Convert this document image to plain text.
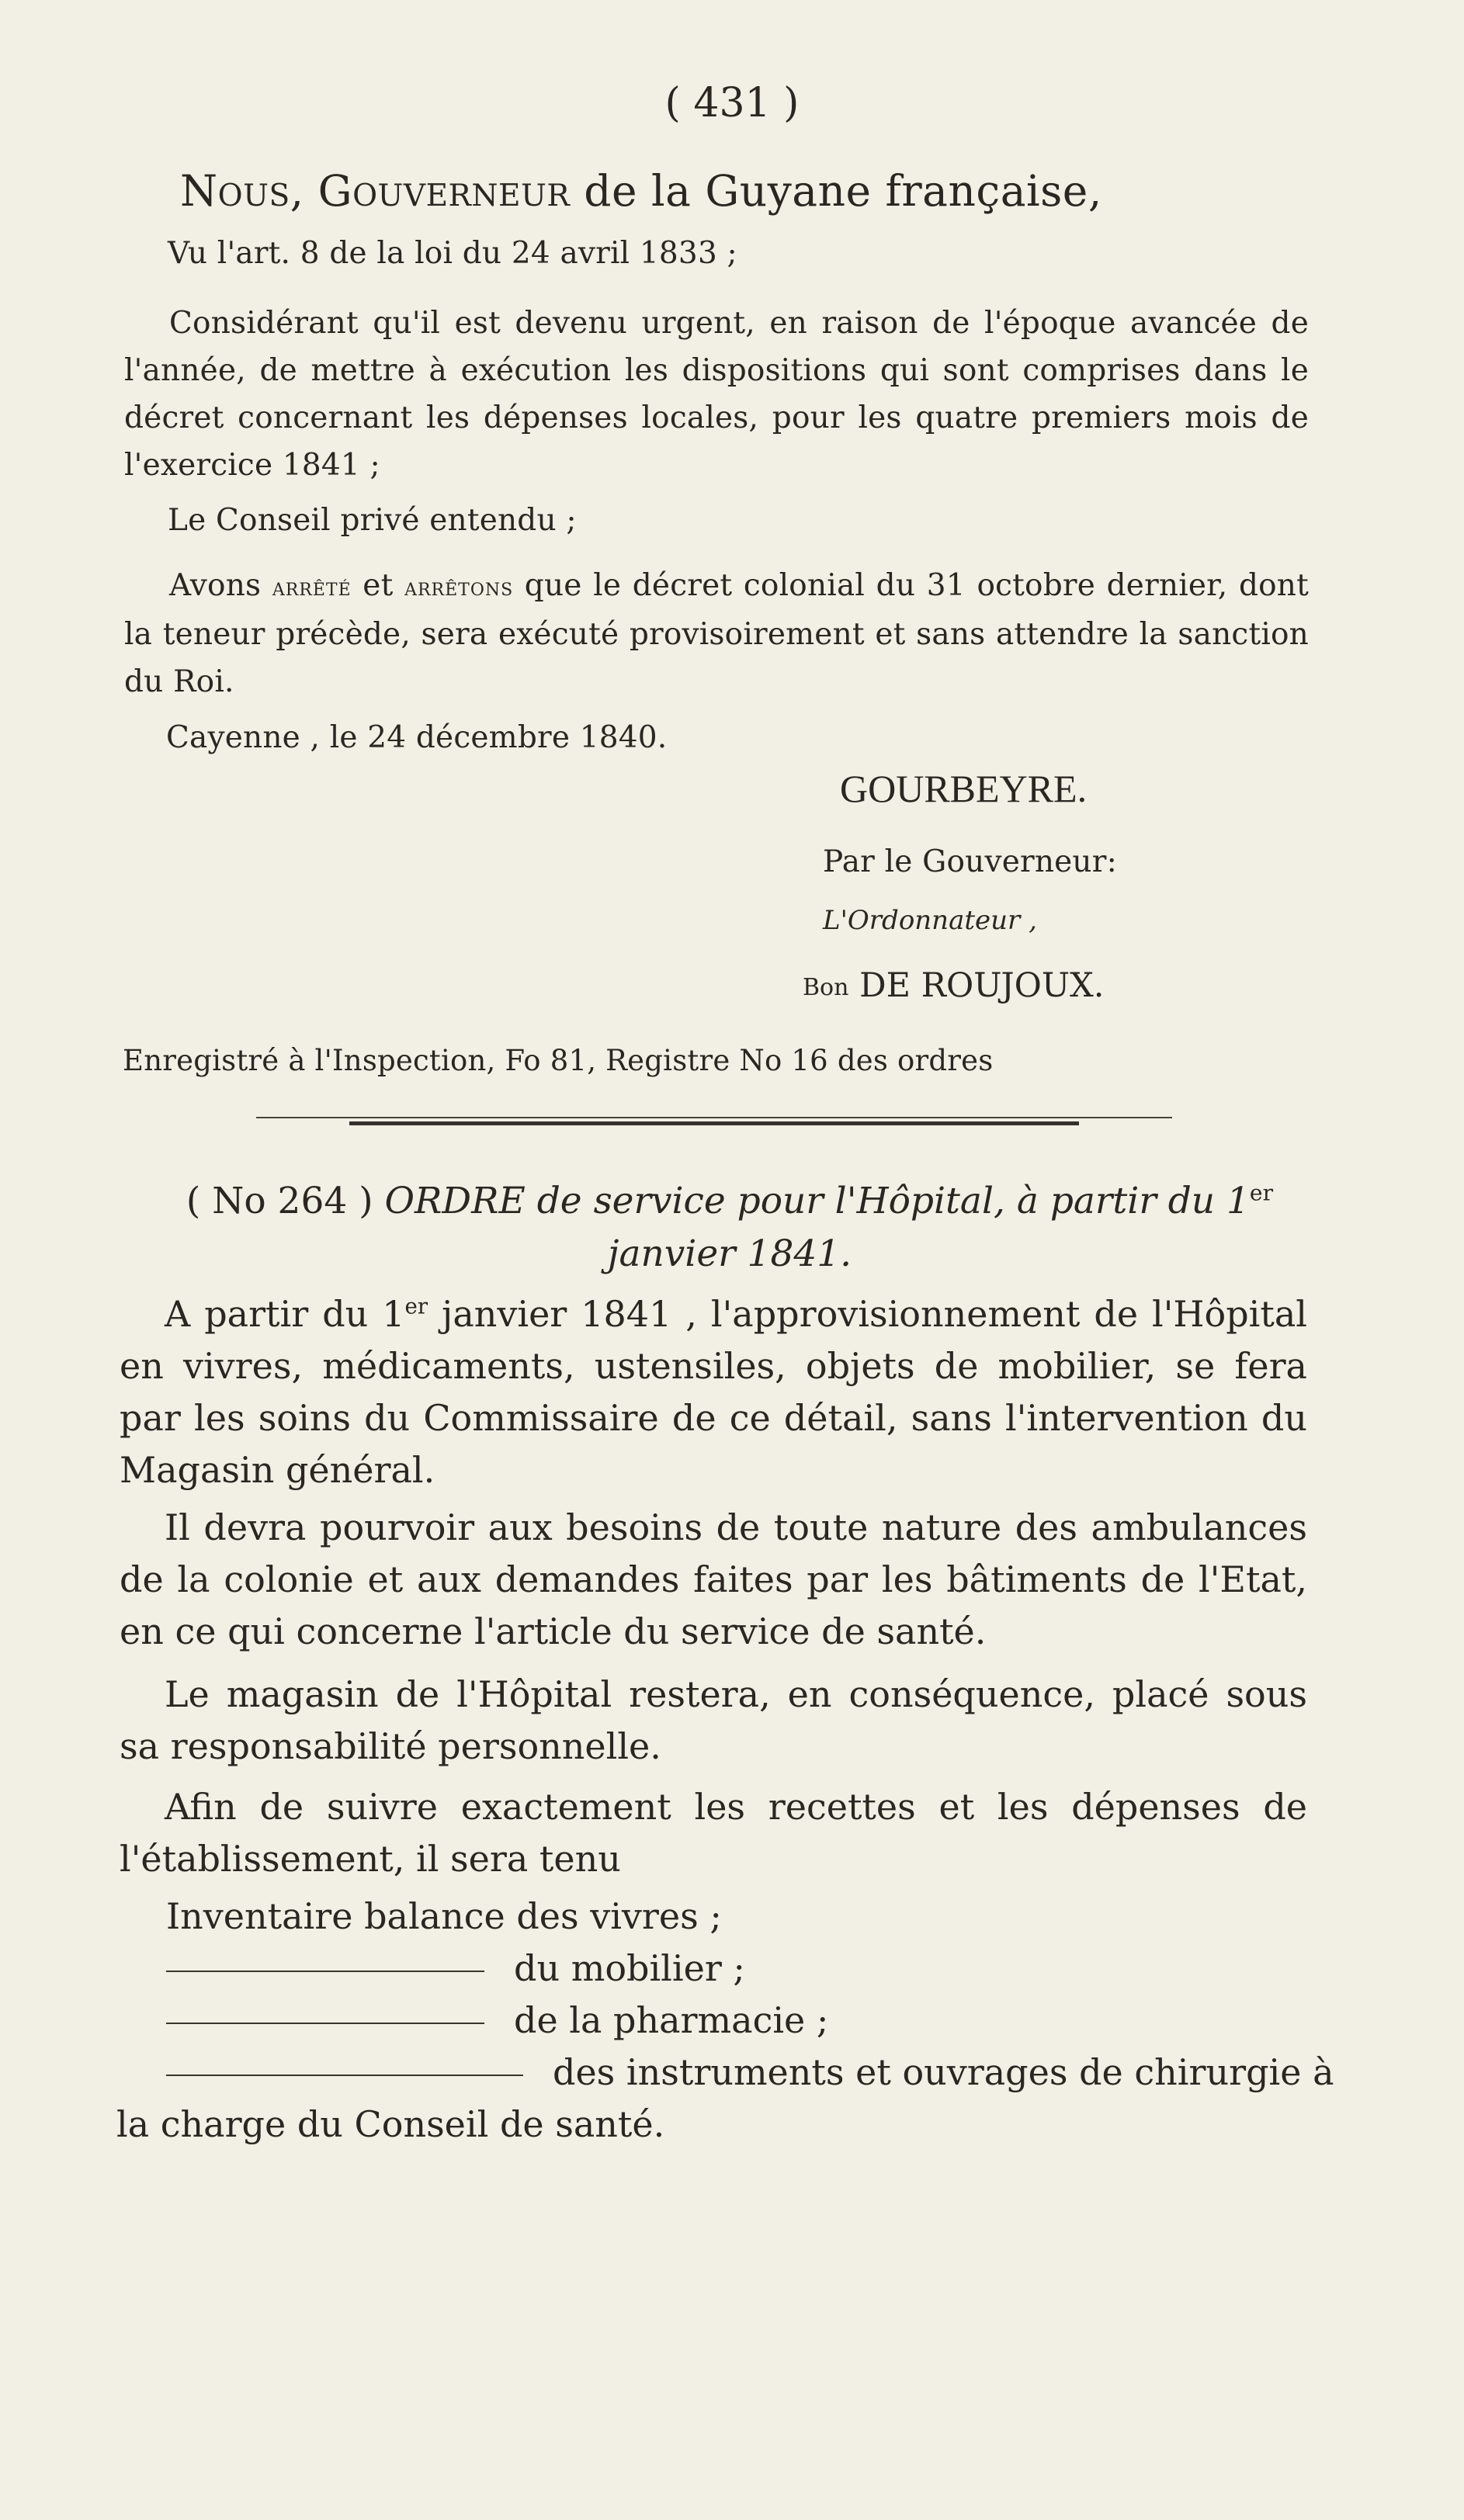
( 431 )
Nous, Gouverneur de la Guyane française,

Vu l'art. 8 de la loi du 24 avril 1833 ;

Considérant qu'il est devenu urgent, en raison de l'époque avancée de l'année, de mettre à exécution les dispositions qui sont comprises dans le décret concernant les dépenses locales, pour les quatre premiers mois de l'exercice 1841 ;

Le Conseil privé entendu ;

Avons arrêté et arrêtons que le décret colonial du 31 octobre dernier, dont la teneur précède, sera exécuté provisoirement et sans attendre la sanction du Roi.

Cayenne , le 24 décembre 1840.

GOURBEYRE.
Par le Gouverneur:
L'Ordonnateur ,
Bon DE ROUJOUX.

Enregistré à l'Inspection, Fo 81, Registre No 16 des ordres

( No 264 ) ORDRE de service pour l'Hôpital, à partir du 1er
janvier 1841.

A partir du 1er janvier 1841 , l'approvisionnement de l'Hôpital en vivres, médicaments, ustensiles, objets de mobilier, se fera par les soins du Commissaire de ce détail, sans l'intervention du Magasin général.

Il devra pourvoir aux besoins de toute nature des ambulances de la colonie et aux demandes faites par les bâtiments de l'Etat, en ce qui concerne l'article du service de santé.

Le magasin de l'Hôpital restera, en conséquence, placé sous sa responsabilité personnelle.

Afin de suivre exactement les recettes et les dépenses de l'établissement, il sera tenu

Inventaire balance des vivres ;
du mobilier ;
de la pharmacie ;
des instruments et ouvrages de chirurgie à
la charge du Conseil de santé.
